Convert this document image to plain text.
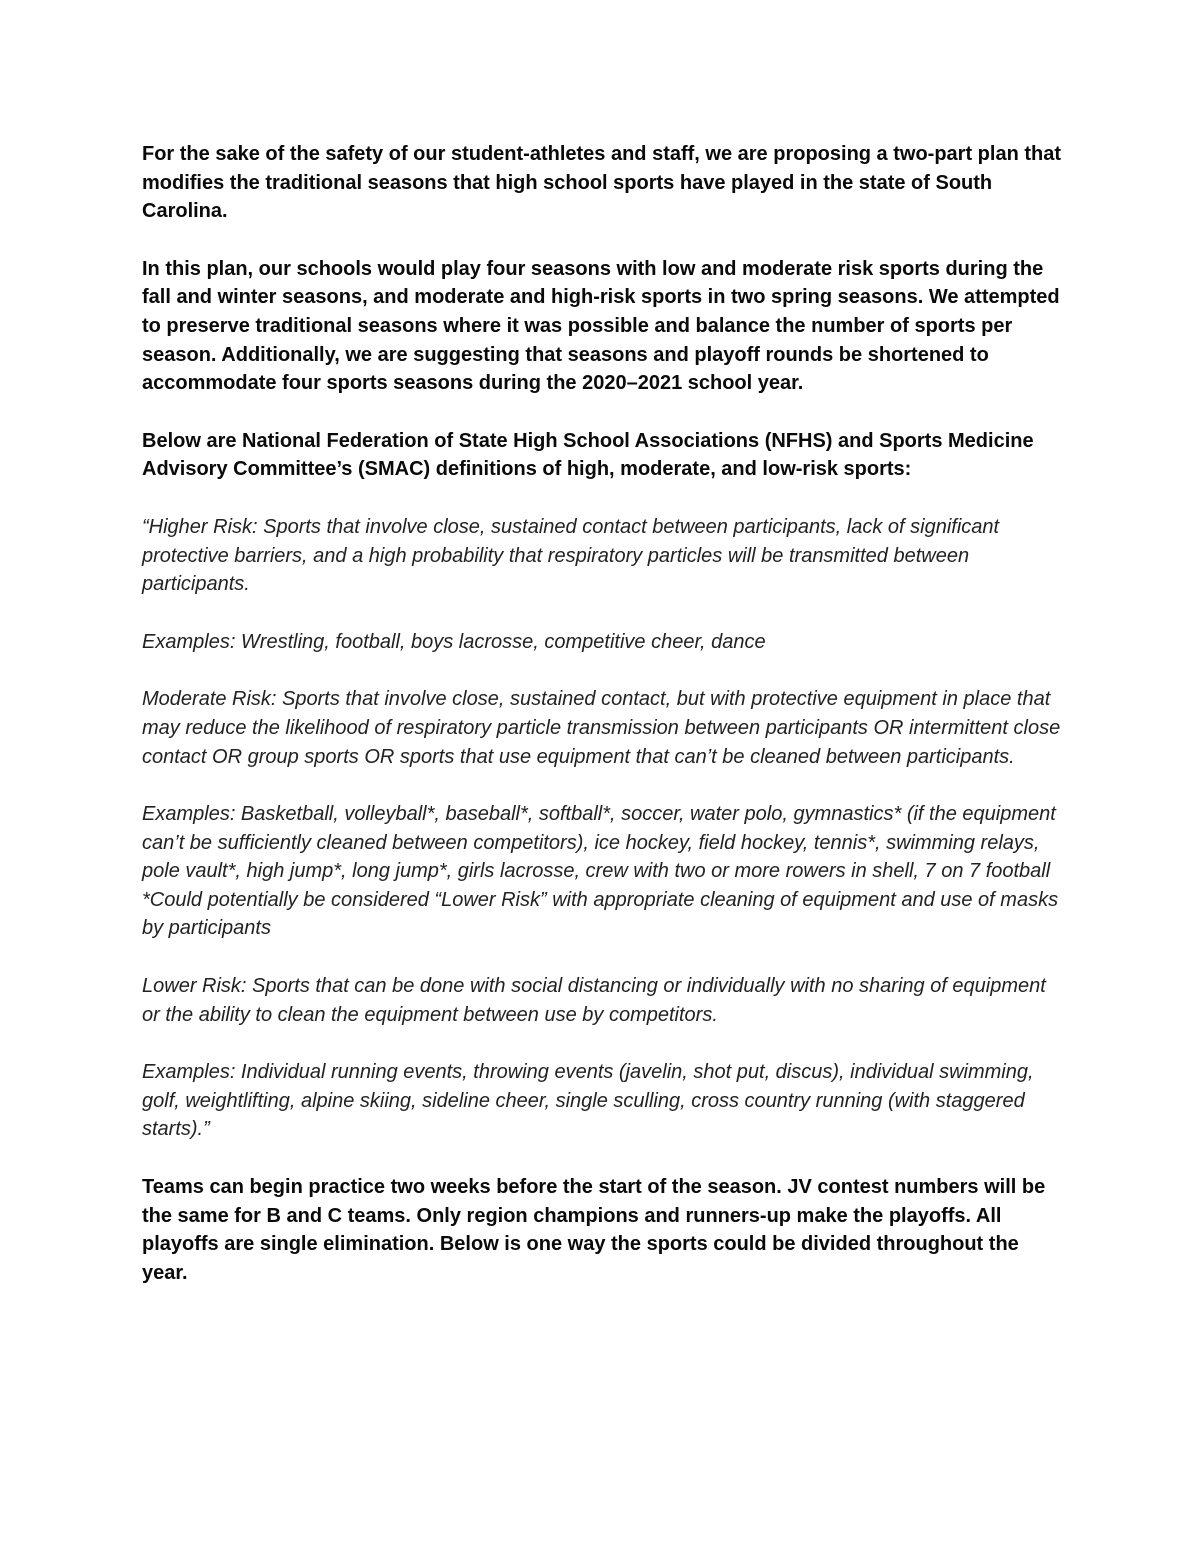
For the sake of the safety of our student-athletes and staff, we are proposing a two-part plan that modifies the traditional seasons that high school sports have played in the state of South Carolina.

In this plan, our schools would play four seasons with low and moderate risk sports during the fall and winter seasons, and moderate and high-risk sports in two spring seasons. We attempted to preserve traditional seasons where it was possible and balance the number of sports per season. Additionally, we are suggesting that seasons and playoff rounds be shortened to accommodate four sports seasons during the 2020–2021 school year.

Below are National Federation of State High School Associations (NFHS) and Sports Medicine Advisory Committee’s (SMAC) definitions of high, moderate, and low-risk sports:

“Higher Risk: Sports that involve close, sustained contact between participants, lack of significant protective barriers, and a high probability that respiratory particles will be transmitted between participants.

Examples: Wrestling, football, boys lacrosse, competitive cheer, dance

Moderate Risk: Sports that involve close, sustained contact, but with protective equipment in place that may reduce the likelihood of respiratory particle transmission between participants OR intermittent close contact OR group sports OR sports that use equipment that can’t be cleaned between participants.

Examples: Basketball, volleyball*, baseball*, softball*, soccer, water polo, gymnastics* (if the equipment can’t be sufficiently cleaned between competitors), ice hockey, field hockey, tennis*, swimming relays, pole vault*, high jump*, long jump*, girls lacrosse, crew with two or more rowers in shell, 7 on 7 football *Could potentially be considered “Lower Risk” with appropriate cleaning of equipment and use of masks by participants

Lower Risk: Sports that can be done with social distancing or individually with no sharing of equipment or the ability to clean the equipment between use by competitors.

Examples: Individual running events, throwing events (javelin, shot put, discus), individual swimming, golf, weightlifting, alpine skiing, sideline cheer, single sculling, cross country running (with staggered starts).”

Teams can begin practice two weeks before the start of the season. JV contest numbers will be the same for B and C teams. Only region champions and runners-up make the playoffs. All playoffs are single elimination. Below is one way the sports could be divided throughout the year.
